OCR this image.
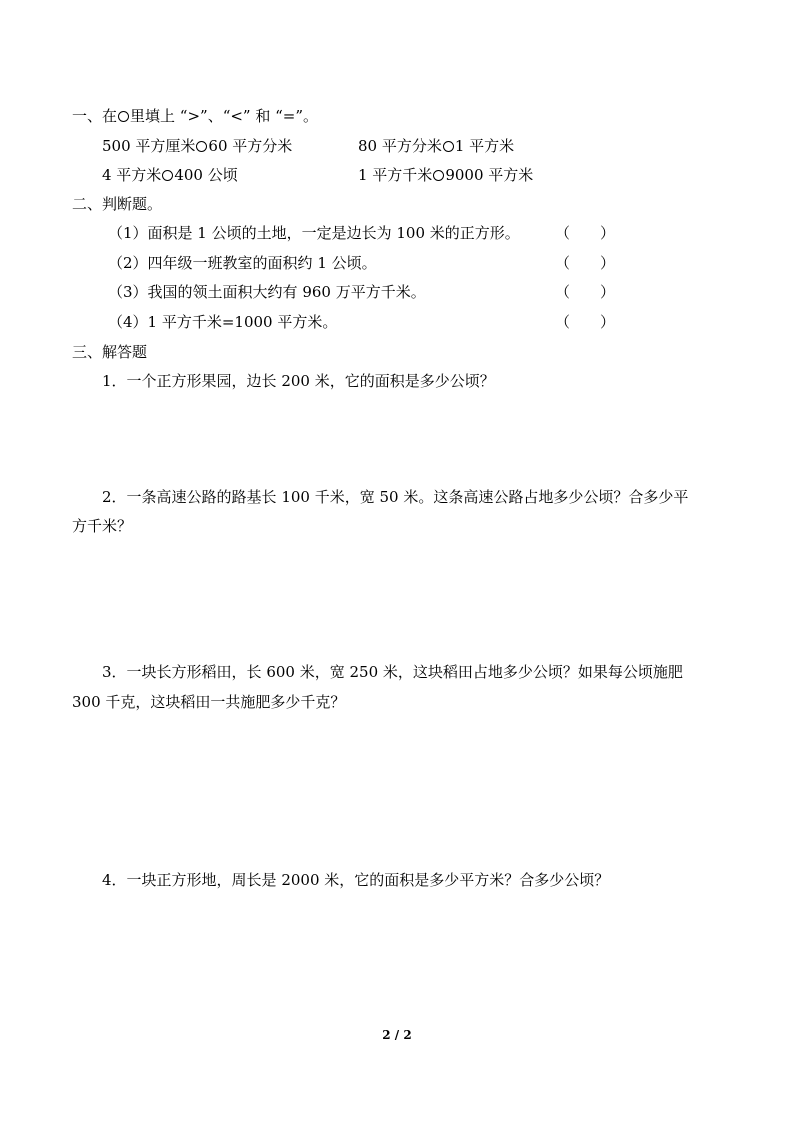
一、在 里填上 “>”、“<” 和 “=”。
500 平方厘米 60 平方分米	80 平方分米 1 平方米
4 平方米 400 公顷	1 平方千米 9000 平方米
二、判断题。
（1）面积是 1 公顷的土地，一定是边长为 100 米的正方形。 （　　）
（2）四年级一班教室的面积约 1 公顷。	（　　）
（3）我国的领土面积大约有 960 万平方千米。	（　　）
（4）1 平方千米=1000 平方米。	（　　）
三、解答题
1．一个正方形果园，边长 200 米，它的面积是多少公顷？
2．一条高速公路的路基长 100 千米，宽 50 米。这条高速公路占地多少公顷？合多少平
方千米？
3．一块长方形稻田，长 600 米，宽 250 米，这块稻田占地多少公顷？如果每公顷施肥
300 千克，这块稻田一共施肥多少千克？
4．一块正方形地，周长是 2000 米，它的面积是多少平方米？合多少公顷？
2 / 2
